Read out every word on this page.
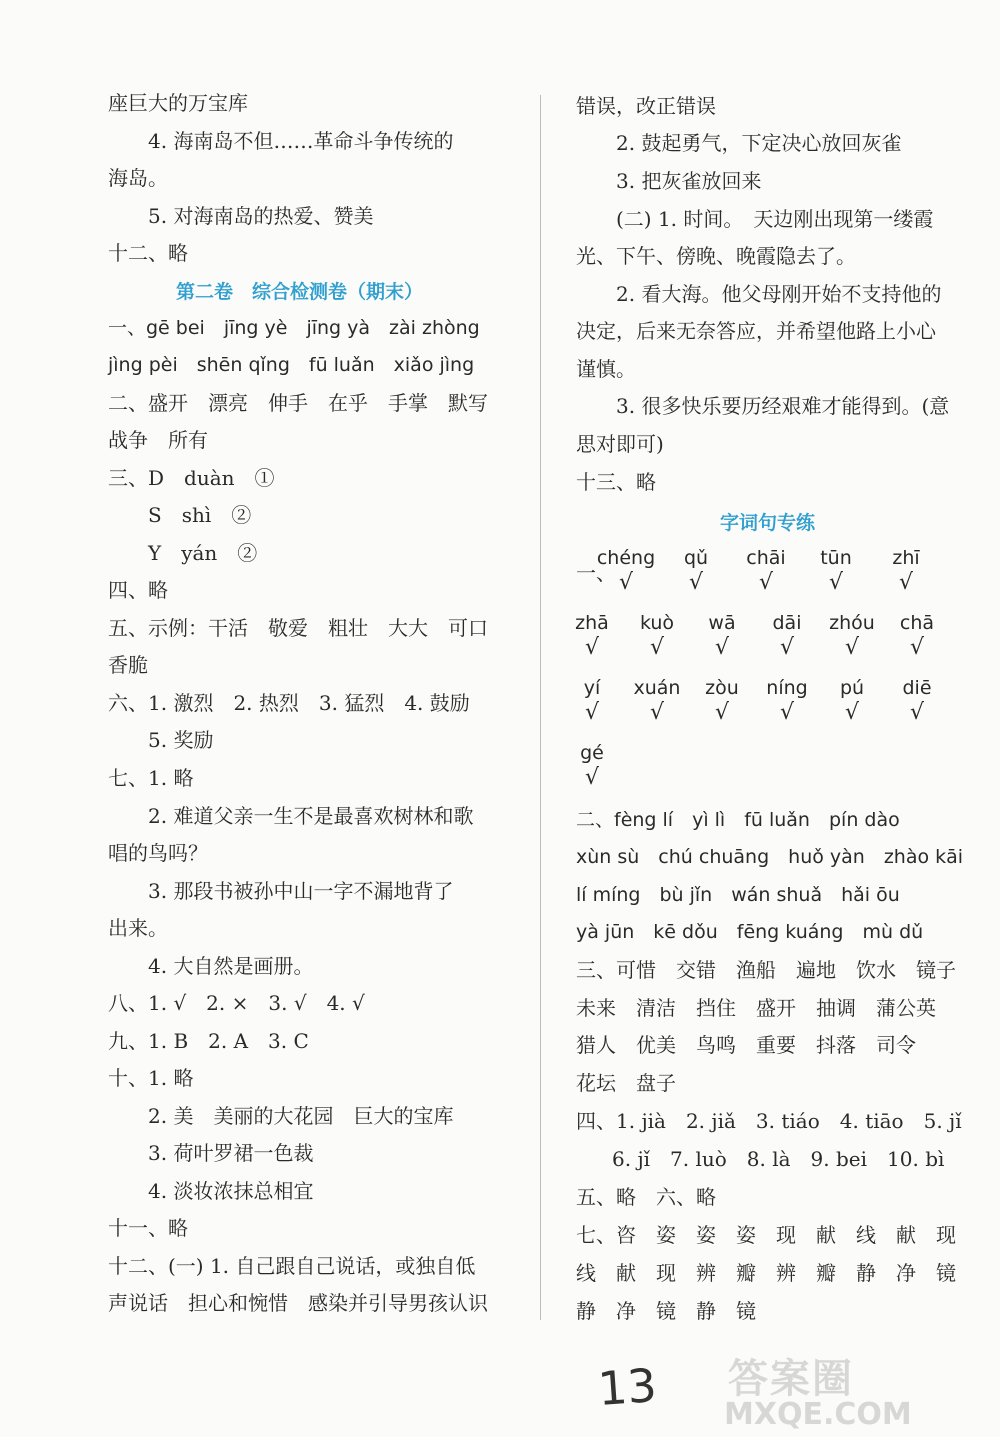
座巨大的万宝库
4. 海南岛不但……革命斗争传统的
海岛。
5. 对海南岛的热爱、赞美
十二、略
第二卷　综合检测卷（期末）
一、gē bei　jīng yè　jīng yà　zài zhòng
jìng pèi　shēn qǐng　fū luǎn　xiǎo jìng
二、盛开　漂亮　伸手　在乎　手掌　默写
战争　所有
三、D　duàn　①
S　shì　②
Y　yán　②
四、略
五、示例：干活　敬爱　粗壮　大大　可口
香脆
六、1. 激烈　2. 热烈　3. 猛烈　4. 鼓励
5. 奖励
七、1. 略
2. 难道父亲一生不是最喜欢树林和歌
唱的鸟吗？
3. 那段书被孙中山一字不漏地背了
出来。
4. 大自然是画册。
八、1. √　2. ×　3. √　4. √
九、1. B　2. A　3. C
十、1. 略
2. 美　美丽的大花园　巨大的宝库
3. 荷叶罗裙一色裁
4. 淡妆浓抹总相宜
十一、略
十二、(一) 1. 自己跟自己说话，或独自低
声说话　担心和惋惜　感染并引导男孩认识
错误，改正错误
2. 鼓起勇气，下定决心放回灰雀
3. 把灰雀放回来
(二) 1. 时间。　天边刚出现第一缕霞
光、下午、傍晚、晚霞隐去了。
2. 看大海。他父母刚开始不支持他的
决定，后来无奈答应，并希望他路上小心
谨慎。
3. 很多快乐要历经艰难才能得到。(意
思对即可)
十三、略
字词句专练
一、
chéng
√
qǔ
√
chāi
√
tūn
√
zhī
√
zhā
√
kuò
√
wā
√
dāi
√
zhóu
√
chā
√
yí
√
xuán
√
zòu
√
níng
√
pú
√
diē
√
gé
√
二、fèng lí　yì lì　fū luǎn　pín dào
xùn sù　chú chuāng　huǒ yàn　zhào kāi
lí míng　bù jǐn　wán shuǎ　hǎi ōu
yà jūn　kē dǒu　fēng kuáng　mù dǔ
三、可惜　交错　渔船　遍地　饮水　镜子
未来　清洁　挡住　盛开　抽调　蒲公英
猎人　优美　鸟鸣　重要　抖落　司令
花坛　盘子
四、1. jià　2. jiǎ　3. tiáo　4. tiāo　5. jǐ
6. jǐ　7. luò　8. là　9. bei　10. bì
五、略　六、略
七、咨　姿　姿　姿　现　献　线　献　现
线　献　现　辨　瓣　辨　瓣　静　净　镜
静　净　镜　静　镜
13 答案圈
MXQE.COM
